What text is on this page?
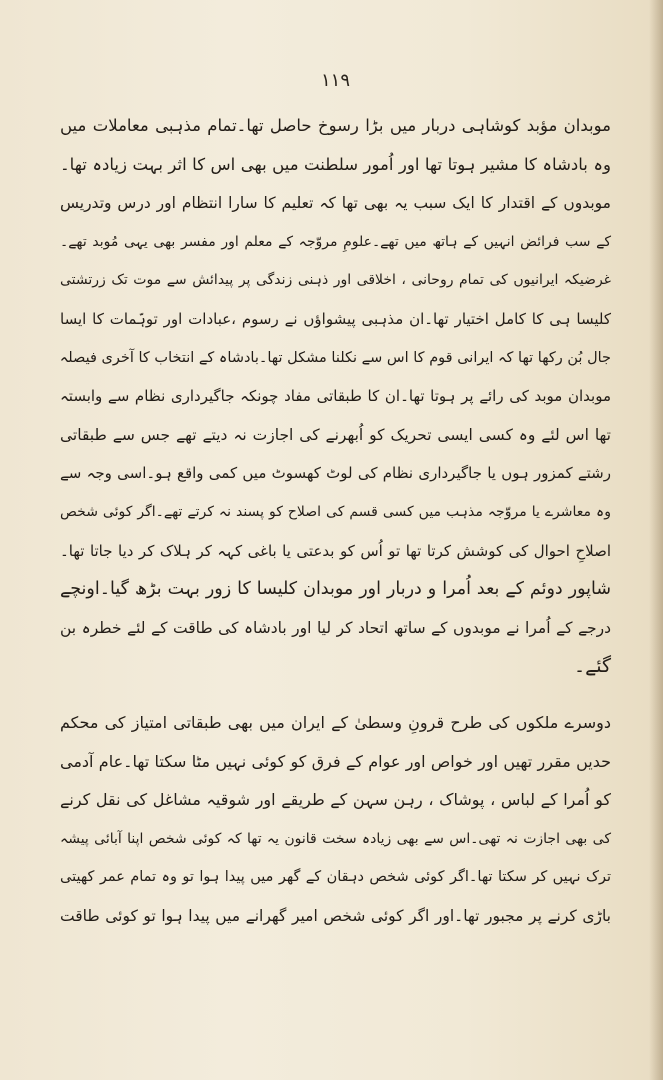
۱۱۹
موبدان مؤبد کوشاہی دربار میں بڑا رسوخ حاصل تھا۔تمام مذہبی معاملات میں
وہ بادشاہ کا مشیر ہوتا تھا اور اُمور سلطنت میں بھی اس کا اثر بہت زیادہ تھا۔
موبدوں کے اقتدار کا ایک سبب یہ بھی تھا کہ تعلیم کا سارا انتظام اور درس وتدریس
کے سب فرائض انہیں کے ہاتھ میں تھے۔علومِ مروّجہ کے معلم اور مفسر بھی یہی مُوبد تھے۔
غرضیکہ ایرانیوں کی تمام روحانی ، اخلاقی اور ذہنی زندگی پر پیدائش سے موت تک زرتشتی
کلیسا ہی کا کامل اختیار تھا۔ان مذہبی پیشواؤں نے رسوم ،عبادات اور توہّمات کا ایسا
جال بُن رکھا تھا کہ ایرانی قوم کا اس سے نکلنا مشکل تھا۔بادشاہ کے انتخاب کا آخری فیصلہ
موبدان موبد کی رائے پر ہوتا تھا۔ان کا طبقاتی مفاد چونکہ جاگیرداری نظام سے وابستہ
تھا اس لئے وہ کسی ایسی تحریک کو اُبھرنے کی اجازت نہ دیتے تھے جس سے طبقاتی
رشتے کمزور ہوں یا جاگیرداری نظام کی لوٹ کھسوٹ میں کمی واقع ہو۔اسی وجہ سے
وہ معاشرے یا مروّجہ مذہب میں کسی قسم کی اصلاح کو پسند نہ کرتے تھے۔اگر کوئی شخص
اصلاحِ احوال کی کوشش کرتا تھا تو اُس کو بدعتی یا باغی کہہ کر ہلاک کر دیا جاتا تھا۔
شاپور دوئم کے بعد اُمرا و دربار اور موبدان کلیسا کا زور بہت بڑھ گیا۔اونچے
درجے کے اُمرا نے موبدوں کے ساتھ اتحاد کر لیا اور بادشاہ کی طاقت کے لئے خطرہ بن
گئے۔
دوسرے ملکوں کی طرح قرونِ وسطیٰ کے ایران میں بھی طبقاتی امتیاز کی محکم
حدیں مقرر تھیں اور خواص اور عوام کے فرق کو کوئی نہیں مٹا سکتا تھا۔عام آدمی
کو اُمرا کے لباس ، پوشاک ، رہن سہن کے طریقے اور شوقیہ مشاغل کی نقل کرنے
کی بھی اجازت نہ تھی۔اس سے بھی زیادہ سخت قانون یہ تھا کہ کوئی شخص اپنا آبائی پیشہ
ترک نہیں کر سکتا تھا۔اگر کوئی شخص دہقان کے گھر میں پیدا ہوا تو وہ تمام عمر کھیتی
باڑی کرنے پر مجبور تھا۔اور اگر کوئی شخص امیر گھرانے میں پیدا ہوا تو کوئی طاقت
